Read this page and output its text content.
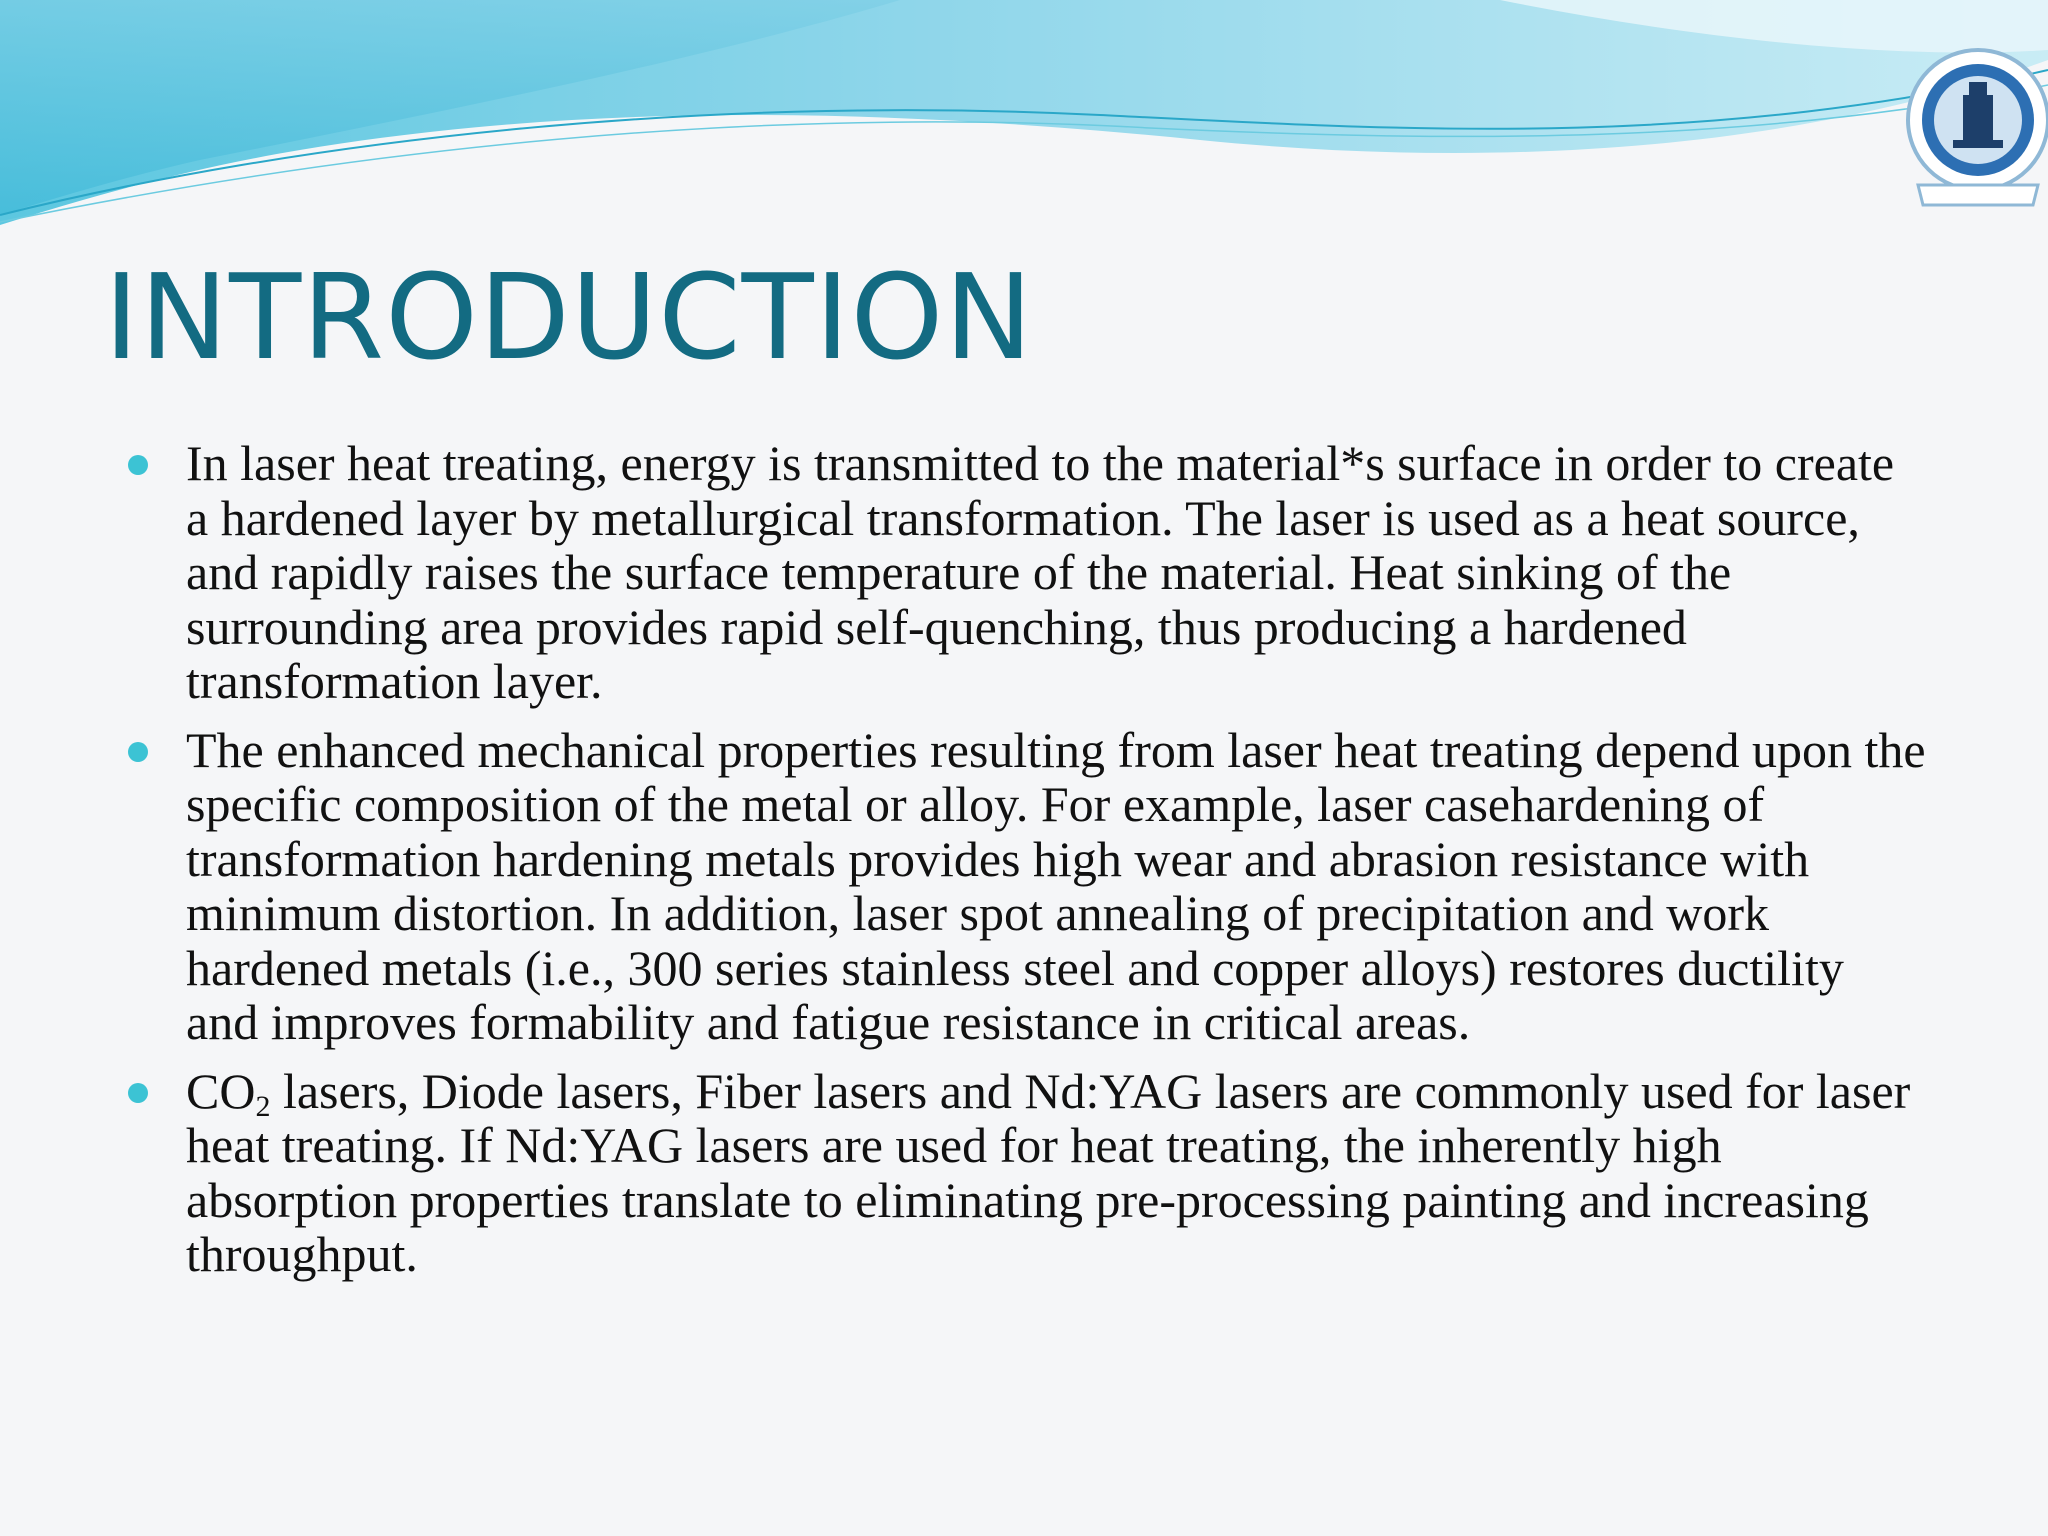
INTRODUCTION
In laser heat treating, energy is transmitted to the material*s surface in order to create a hardened layer by metallurgical transformation. The laser is used as a heat source, and rapidly raises the surface temperature of the material. Heat sinking of the surrounding area provides rapid self-quenching, thus producing a hardened transformation layer.
The enhanced mechanical properties resulting from laser heat treating depend upon the specific composition of the metal or alloy. For example, laser casehardening of transformation hardening metals provides high wear and abrasion resistance with minimum distortion. In addition, laser spot annealing of precipitation and work hardened metals (i.e., 300 series stainless steel and copper alloys) restores ductility and improves formability and fatigue resistance in critical areas.
$CO_2$ lasers, Diode lasers, Fiber lasers and Nd:YAG lasers are commonly used for laser heat treating. If Nd:YAG lasers are used for heat treating, the inherently high absorption properties translate to eliminating pre-processing painting and increasing throughput.
